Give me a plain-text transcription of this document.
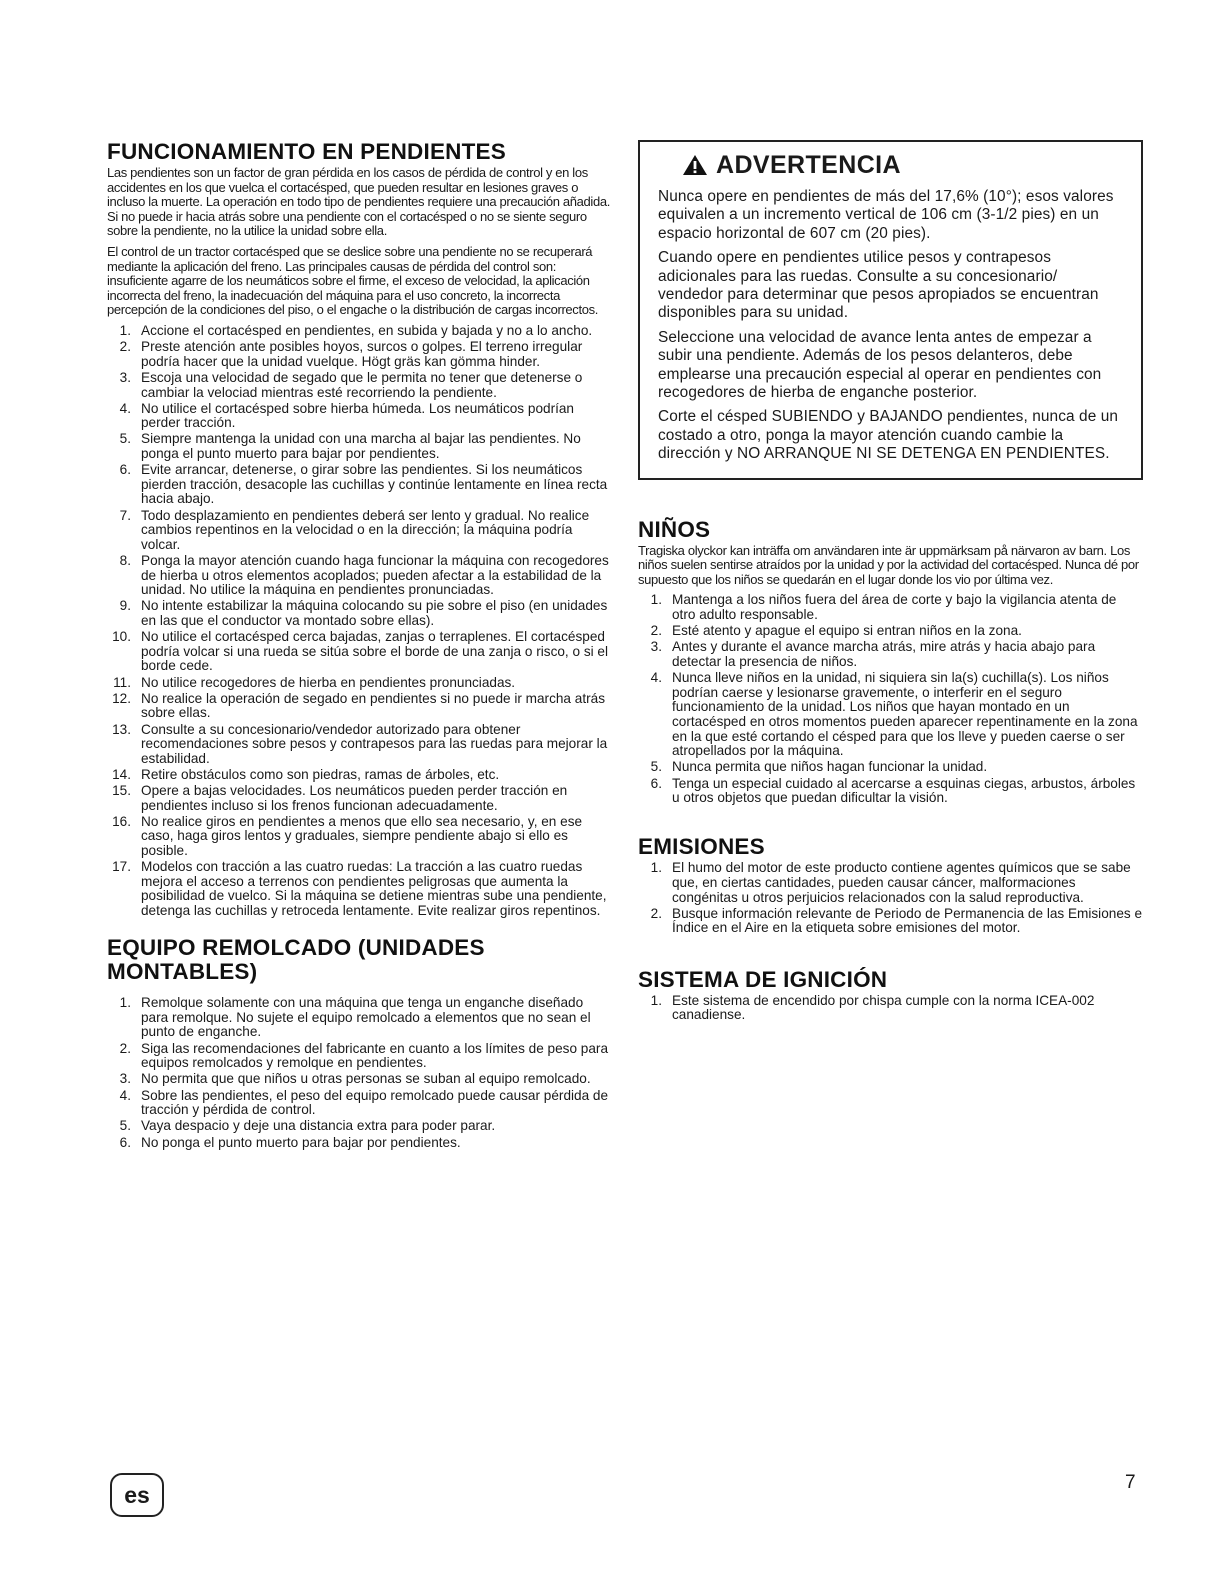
FUNCIONAMIENTO EN PENDIENTES

Las pendientes son un factor de gran pérdida en los casos de pérdida de control y en los accidentes en los que vuelca el cortacésped, que pueden resultar en lesiones graves o incluso la muerte. La operación en todo tipo de pendientes requiere una precaución añadida. Si no puede ir hacia atrás sobre una pendiente con el cortacésped o no se siente seguro sobre la pendiente, no la utilice la unidad sobre ella.

El control de un tractor cortacésped que se deslice sobre una pendiente no se recuperará mediante la aplicación del freno. Las principales causas de pérdida del control son: insuficiente agarre de los neumáticos sobre el firme, el exceso de velocidad, la aplicación incorrecta del freno, la inadecuación del máquina para el uso concreto, la incorrecta percepción de la condiciones del piso, o el engache o la distribución de cargas incorrectos.

1. Accione el cortacésped en pendientes, en subida y bajada y no a lo ancho.
2. Preste atención ante posibles hoyos, surcos o golpes. El terreno irregular podría hacer que la unidad vuelque. Högt gräs kan gömma hinder.
3. Escoja una velocidad de segado que le permita no tener que detenerse o cambiar la velociad mientras esté recorriendo la pendiente.
4. No utilice el cortacésped sobre hierba húmeda. Los neumáticos podrían perder tracción.
5. Siempre mantenga la unidad con una marcha al bajar las pendientes. No ponga el punto muerto para bajar por pendientes.
6. Evite arrancar, detenerse, o girar sobre las pendientes. Si los neumáticos pierden tracción, desacople las cuchillas y continúe lentamente en línea recta hacia abajo.
7. Todo desplazamiento en pendientes deberá ser lento y gradual. No realice cambios repentinos en la velocidad o en la dirección; la máquina podría volcar.
8. Ponga la mayor atención cuando haga funcionar la máquina con recogedores de hierba u otros elementos acoplados; pueden afectar a la estabilidad de la unidad. No utilice la máquina en pendientes pronunciadas.
9. No intente estabilizar la máquina colocando su pie sobre el piso (en unidades en las que el conductor va montado sobre ellas).
10. No utilice el cortacésped cerca bajadas, zanjas o terraplenes. El cortacésped podría volcar si una rueda se sitúa sobre el borde de una zanja o risco, o si el borde cede.
11. No utilice recogedores de hierba en pendientes pronunciadas.
12. No realice la operación de segado en pendientes si no puede ir marcha atrás sobre ellas.
13. Consulte a su concesionario/vendedor autorizado para obtener recomendaciones sobre pesos y contrapesos para las ruedas para mejorar la estabilidad.
14. Retire obstáculos como son piedras, ramas de árboles, etc.
15. Opere a bajas velocidades. Los neumáticos pueden perder tracción en pendientes incluso si los frenos funcionan adecuadamente.
16. No realice giros en pendientes a menos que ello sea necesario, y, en ese caso, haga giros lentos y graduales, siempre pendiente abajo si ello es posible.
17. Modelos con tracción a las cuatro ruedas: La tracción a las cuatro ruedas mejora el acceso a terrenos con pendientes peligrosas que aumenta la posibilidad de vuelco. Si la máquina se detiene mientras sube una pendiente, detenga las cuchillas y retroceda lentamente. Evite realizar giros repentinos.
EQUIPO REMOLCADO (UNIDADES MONTABLES)
1. Remolque solamente con una máquina que tenga un enganche diseñado para remolque. No sujete el equipo remolcado a elementos que no sean el punto de enganche.
2. Siga las recomendaciones del fabricante en cuanto a los límites de peso para equipos remolcados y remolque en pendientes.
3. No permita que que niños u otras personas se suban al equipo remolcado.
4. Sobre las pendientes, el peso del equipo remolcado puede causar pérdida de tracción y pérdida de control.
5. Vaya despacio y deje una distancia extra para poder parar.
6. No ponga el punto muerto para bajar por pendientes.
ADVERTENCIA

Nunca opere en pendientes de más del 17,6% (10°); esos valores equivalen a un incremento vertical de 106 cm (3-1/2 pies) en un espacio horizontal de 607 cm (20 pies).

Cuando opere en pendientes utilice pesos y contrapesos adicionales para las ruedas. Consulte a su concesionario/ vendedor para determinar que pesos apropiados se encuentran disponibles para su unidad.

Seleccione una velocidad de avance lenta antes de empezar a subir una pendiente. Además de los pesos delanteros, debe emplearse una precaución especial al operar en pendientes con recogedores de hierba de enganche posterior.

Corte el césped SUBIENDO y BAJANDO pendientes, nunca de un costado a otro, ponga la mayor atención cuando cambie la dirección y NO ARRANQUE NI SE DETENGA EN PENDIENTES.

NIÑOS

Tragiska olyckor kan inträffa om användaren inte är uppmärksam på närvaron av barn. Los niños suelen sentirse atraídos por la unidad y por la actividad del cortacésped. Nunca dé por supuesto que los niños se quedarán en el lugar donde los vio por última vez.

1. Mantenga a los niños fuera del área de corte y bajo la vigilancia atenta de otro adulto responsable.
2. Esté atento y apague el equipo si entran niños en la zona.
3. Antes y durante el avance marcha atrás, mire atrás y hacia abajo para detectar la presencia de niños.
4. Nunca lleve niños en la unidad, ni siquiera sin la(s) cuchilla(s). Los niños podrían caerse y lesionarse gravemente, o interferir en el seguro funcionamiento de la unidad. Los niños que hayan montado en un cortacésped en otros momentos pueden aparecer repentinamente en la zona en la que esté cortando el césped para que los lleve y pueden caerse o ser atropellados por la máquina.
5. Nunca permita que niños hagan funcionar la unidad.
6. Tenga un especial cuidado al acercarse a esquinas ciegas, arbustos, árboles u otros objetos que puedan dificultar la visión.
EMISIONES
1. El humo del motor de este producto contiene agentes químicos que se sabe que, en ciertas cantidades, pueden causar cáncer, malformaciones congénitas u otros perjuicios relacionados con la salud reproductiva.
2. Busque información relevante de Periodo de Permanencia de las Emisiones e Índice en el Aire en la etiqueta sobre emisiones del motor.
SISTEMA DE IGNICIÓN
1. Este sistema de encendido por chispa cumple con la norma ICEA-002 canadiense.
es	7
